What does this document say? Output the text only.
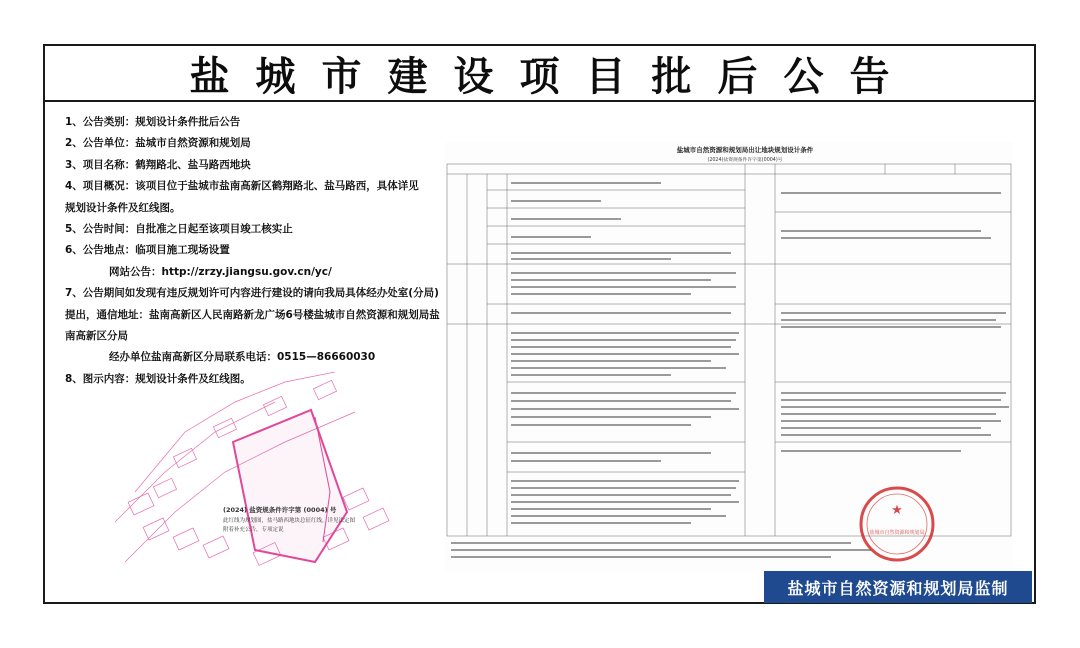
盐城市建设项目批后公告
1、公告类别：规划设计条件批后公告
2、公告单位：盐城市自然资源和规划局
3、项目名称：鹤翔路北、盐马路西地块
4、项目概况：该项目位于盐城市盐南高新区鹤翔路北、盐马路西，具体详见
规划设计条件及红线图。
5、公告时间：自批准之日起至该项目竣工核实止
6、公告地点：临项目施工现场设置
网站公告：http://zrzy.jiangsu.gov.cn/yc/
7、公告期间如发现有违反规划许可内容进行建设的请向我局具体经办处室(分局)
提出，通信地址：盐南高新区人民南路新龙广场6号楼盐城市自然资源和规划局盐
南高新区分局
经办单位盐南高新区分局联系电话：0515—86660030
8、图示内容：规划设计条件及红线图。
(2024) 盐资规条件许字第 (0004) 号
此红线为规划图，盐马路西地块总征红线，详见法定图
附着补充公告，专项定说
盐城市自然资源和规划局出让地块规划设计条件
(2024)盐资规条件许字第(0004)号
★
盐城市自然资源和规划局
盐城市自然资源和规划局监制
